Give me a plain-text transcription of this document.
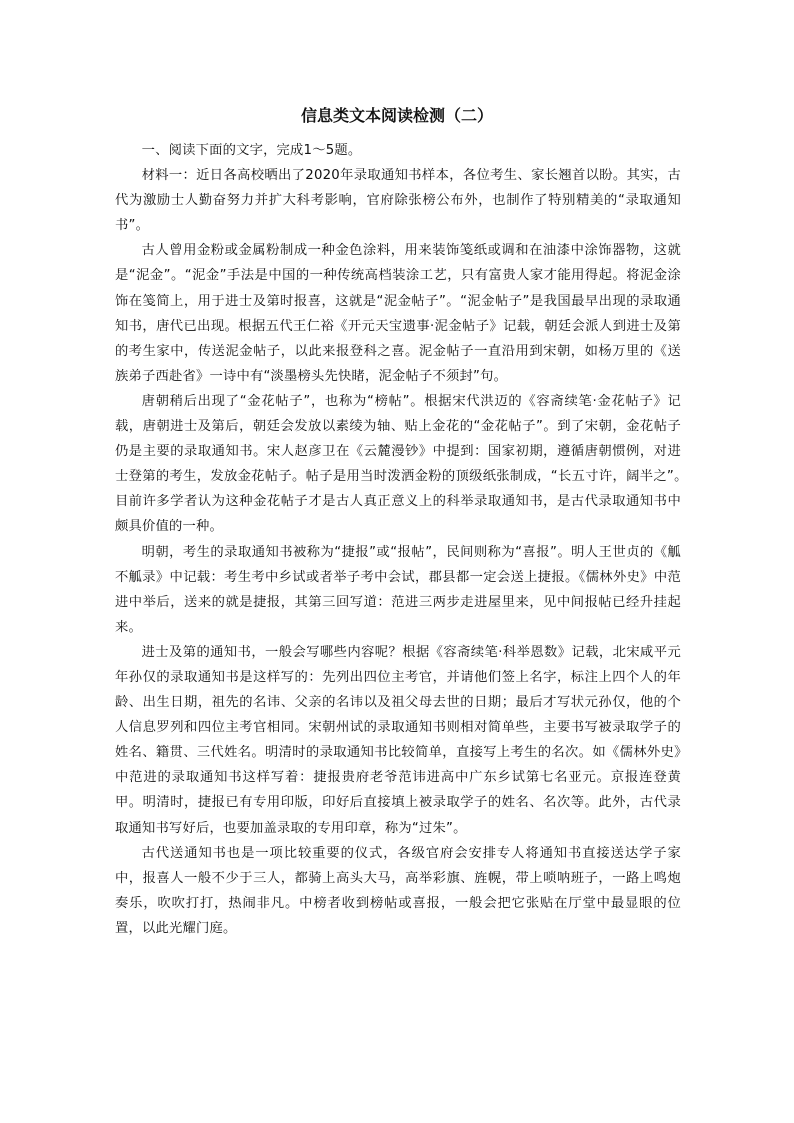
信息类文本阅读检测（二）

一、阅读下面的文字，完成1～5题。

材料一：近日各高校晒出了2020年录取通知书样本，各位考生、家长翘首以盼。其实，古代为激励士人勤奋努力并扩大科考影响，官府除张榜公布外，也制作了特别精美的“录取通知书”。

古人曾用金粉或金属粉制成一种金色涂料，用来装饰笺纸或调和在油漆中涂饰器物，这就是“泥金”。“泥金”手法是中国的一种传统高档装涂工艺，只有富贵人家才能用得起。将泥金涂饰在笺简上，用于进士及第时报喜，这就是“泥金帖子”。“泥金帖子”是我国最早出现的录取通知书，唐代已出现。根据五代王仁裕《开元天宝遗事·泥金帖子》记载，朝廷会派人到进士及第的考生家中，传送泥金帖子，以此来报登科之喜。泥金帖子一直沿用到宋朝，如杨万里的《送族弟子西赴省》一诗中有“淡墨榜头先快睹，泥金帖子不须封”句。

唐朝稍后出现了“金花帖子”，也称为“榜帖”。根据宋代洪迈的《容斋续笔·金花帖子》记载，唐朝进士及第后，朝廷会发放以素绫为轴、贴上金花的“金花帖子”。到了宋朝，金花帖子仍是主要的录取通知书。宋人赵彦卫在《云麓漫钞》中提到：国家初期，遵循唐朝惯例，对进士登第的考生，发放金花帖子。帖子是用当时泼洒金粉的顶级纸张制成，“长五寸许，阔半之”。　目前许多学者认为这种金花帖子才是古人真正意义上的科举录取通知书，是古代录取通知书中颇具价值的一种。

明朝，考生的录取通知书被称为“捷报”或“报帖”，民间则称为“喜报”。明人王世贞的《觚不觚录》中记载：考生考中乡试或者举子考中会试，郡县都一定会送上捷报。《儒林外史》中范进中举后，送来的就是捷报，其第三回写道：范进三两步走进屋里来，见中间报帖已经升挂起来。

进士及第的通知书，一般会写哪些内容呢？根据《容斋续笔·科举恩数》记载，北宋咸平元年孙仅的录取通知书是这样写的：先列出四位主考官，并请他们签上名字，标注上四个人的年龄、出生日期，祖先的名讳、父亲的名讳以及祖父母去世的日期；最后才写状元孙仅，他的个人信息罗列和四位主考官相同。宋朝州试的录取通知书则相对简单些，主要书写被录取学子的姓名、籍贯、三代姓名。明清时的录取通知书比较简单，直接写上考生的名次。如《儒林外史》中范进的录取通知书这样写着：捷报贵府老爷范讳进高中广东乡试第七名亚元。京报连登黄甲。明清时，捷报已有专用印版，印好后直接填上被录取学子的姓名、名次等。此外，古代录取通知书写好后，也要加盖录取的专用印章，称为“过朱”。

古代送通知书也是一项比较重要的仪式，各级官府会安排专人将通知书直接送达学子家中，报喜人一般不少于三人，都骑上高头大马，高举彩旗、旌幌，带上唢呐班子，一路上鸣炮奏乐，吹吹打打，热闹非凡。中榜者收到榜帖或喜报，一般会把它张贴在厅堂中最显眼的位置，以此光耀门庭。
